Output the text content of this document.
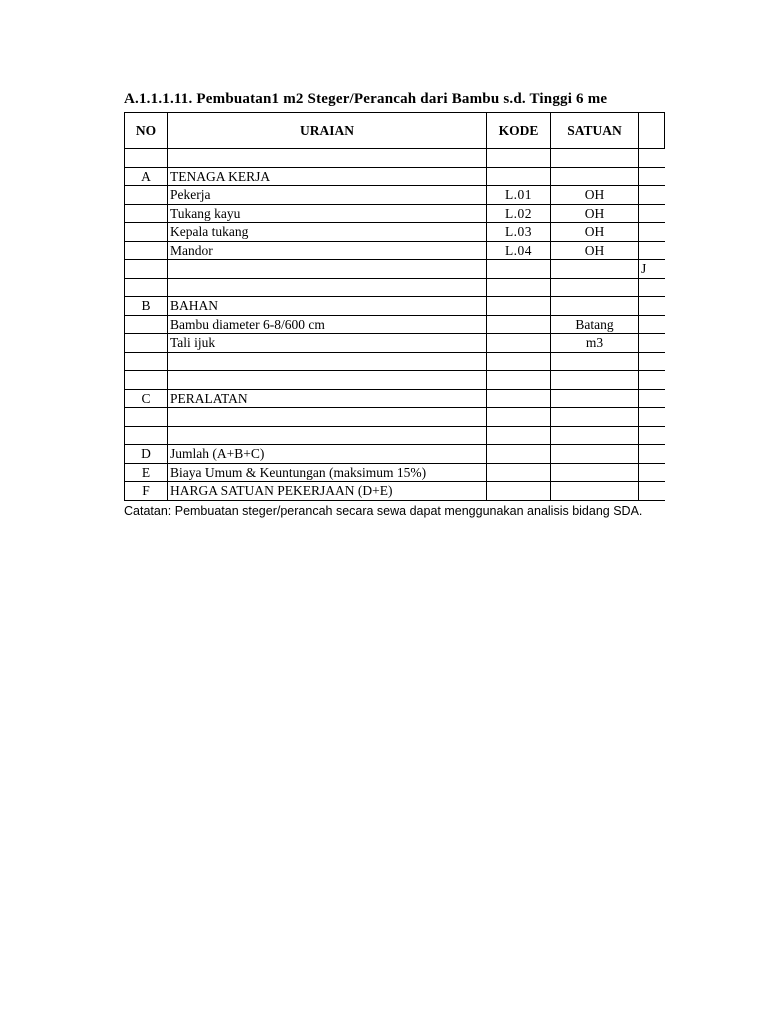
A.1.1.1.11. Pembuatan1 m2 Steger/Perancah dari Bambu s.d. Tinggi 6 me
NO	URAIAN	KODE	SATUAN	

A	TENAGA KERJA			
	Pekerja	L.01	OH	
	Tukang kayu	L.02	OH	
	Kepala tukang	L.03	OH	
	Mandor	L.04	OH	
				J

B	BAHAN			
	Bambu diameter 6-8/600 cm		Batang	
	Tali ijuk		m3	

C	PERALATAN			

D	Jumlah (A+B+C)			
E	Biaya Umum & Keuntungan (maksimum 15%)			
F	HARGA SATUAN PEKERJAAN (D+E)			
Catatan: Pembuatan steger/perancah secara sewa dapat menggunakan analisis bidang SDA.
